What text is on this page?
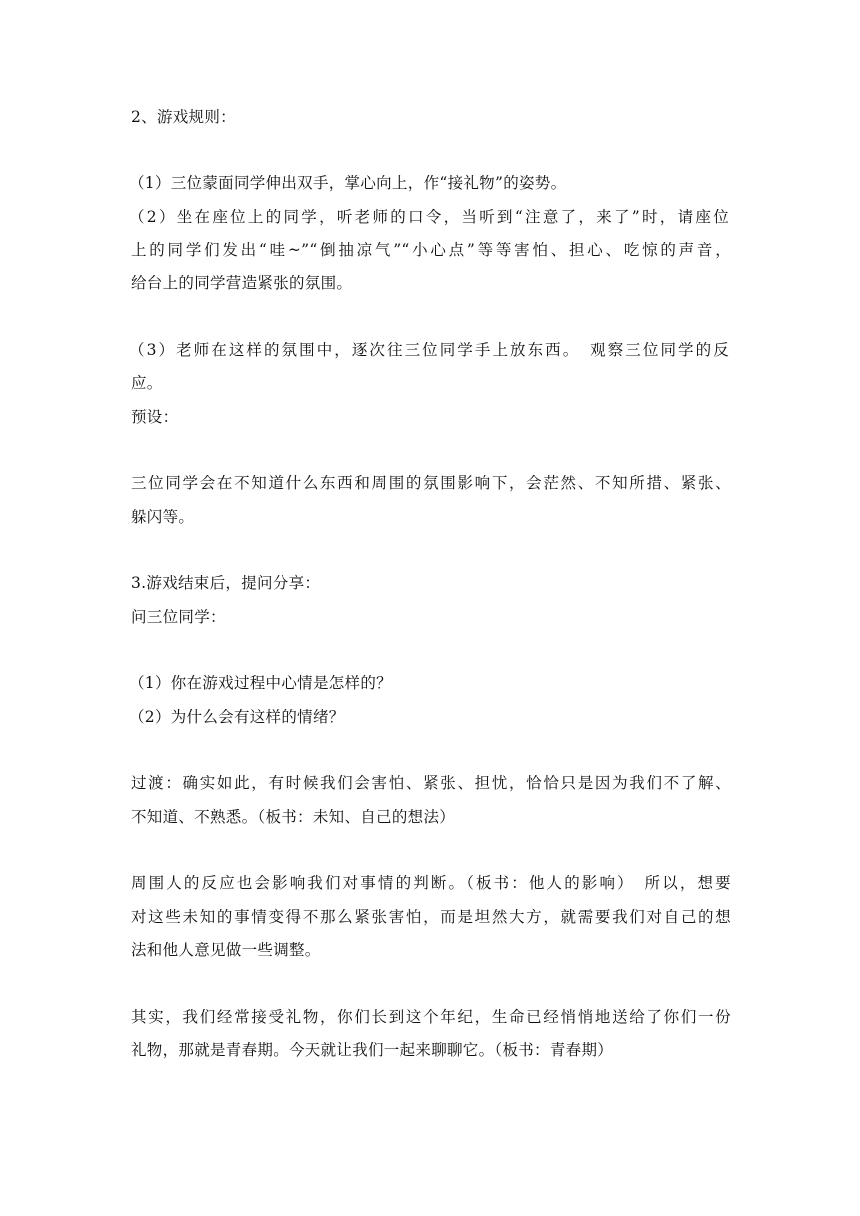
2、游戏规则：
（1）三位蒙面同学伸出双手，掌心向上，作“接礼物”的姿势。
（2）坐在座位上的同学，听老师的口令，当听到“注意了，来了”时，请座位
上的同学们发出“哇~”“倒抽凉气”“小心点”等等害怕、担心、吃惊的声音，
给台上的同学营造紧张的氛围。
（3）老师在这样的氛围中，逐次往三位同学手上放东西。　观察三位同学的反
应。
预设：
三位同学会在不知道什么东西和周围的氛围影响下，会茫然、不知所措、紧张、
躲闪等。
3.游戏结束后，提问分享：
问三位同学：
（1）你在游戏过程中心情是怎样的？
（2）为什么会有这样的情绪？
过渡：确实如此，有时候我们会害怕、紧张、担忧，恰恰只是因为我们不了解、
不知道、不熟悉。（板书：未知、自己的想法）
周围人的反应也会影响我们对事情的判断。（板书：他人的影响）　所以，想要
对这些未知的事情变得不那么紧张害怕，而是坦然大方，就需要我们对自己的想
法和他人意见做一些调整。
其实，我们经常接受礼物，你们长到这个年纪，生命已经悄悄地送给了你们一份
礼物，那就是青春期。今天就让我们一起来聊聊它。（板书：青春期）
